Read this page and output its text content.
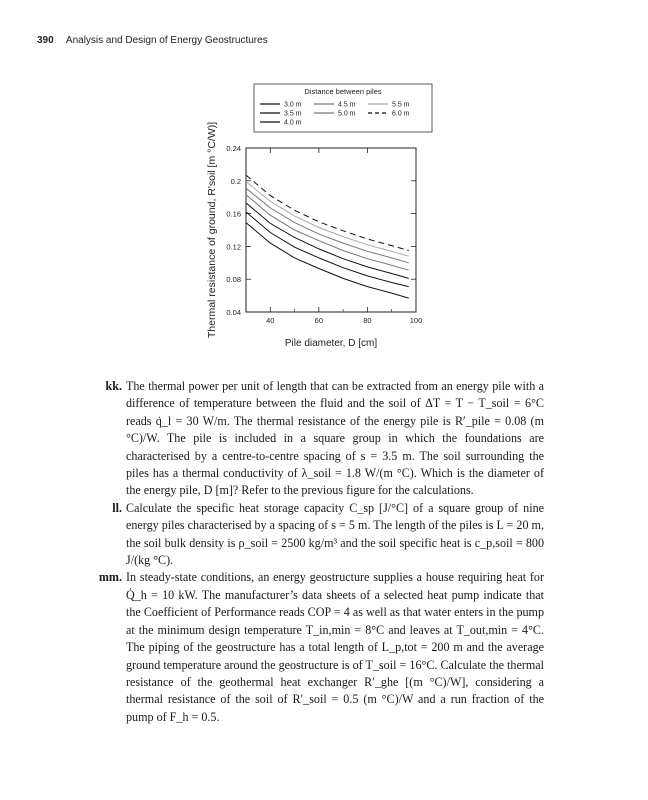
390 Analysis and Design of Energy Geostructures
Distance between piles
3.0 m
3.5 m
4.0 m
4.5 m
5.0 m
5.5 m
6.0 m
40	60	80	100
0.04
0.08
0.12
0.16
0.2
0.24
Pile diameter, D [cm]
Thermal resistance of ground, R'soil [m °C/W)]
kk. The thermal power per unit of length that can be extracted from an energy pile with a difference of temperature between the fluid and the soil of ΔT = T − T_soil = 6°C reads q̇_l = 30 W/m. The thermal resistance of the energy pile is R′_pile = 0.08 (m °C)/W. The pile is included in a square group in which the foundations are characterised by a centre-to-centre spacing of s = 3.5 m. The soil surrounding the piles has a thermal conductivity of λ_soil = 1.8 W/(m °C). Which is the diameter of the energy pile, D [m]? Refer to the previous figure for the calculations.
ll. Calculate the specific heat storage capacity C_sp [J/°C] of a square group of nine energy piles characterised by a spacing of s = 5 m. The length of the piles is L = 20 m, the soil bulk density is ρ_soil = 2500 kg/m³ and the soil specific heat is c_p,soil = 800 J/(kg °C).
mm. In steady-state conditions, an energy geostructure supplies a house requiring heat for Q̇_h = 10 kW. The manufacturer’s data sheets of a selected heat pump indicate that the Coefficient of Performance reads COP = 4 as well as that water enters in the pump at the minimum design temperature T_in,min = 8°C and leaves at T_out,min = 4°C. The piping of the geostructure has a total length of L_p,tot = 200 m and the average ground temperature around the geostructure is of T_soil = 16°C. Calculate the thermal resistance of the geothermal heat exchanger R′_ghe [(m °C)/W], considering a thermal resistance of the soil of R′_soil = 0.5 (m °C)/W and a run fraction of the pump of F_h = 0.5.
